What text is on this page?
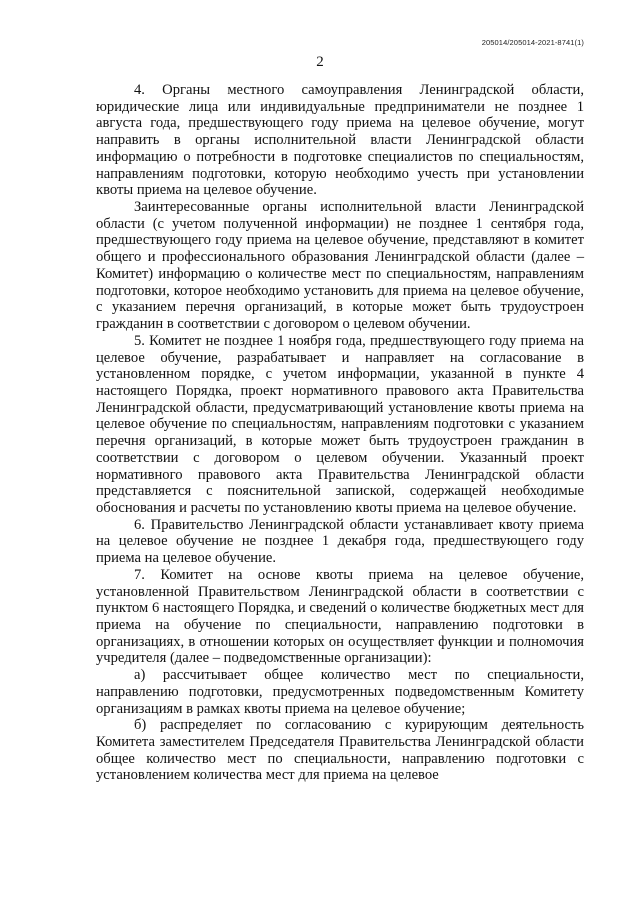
205014/205014-2021-8741(1)
2

4. Органы местного самоуправления Ленинградской области, юридические лица или индивидуальные предприниматели не позднее 1 августа года, предшествующего году приема на целевое обучение, могут направить в органы исполнительной власти Ленинградской области информацию о потребности в подготовке специалистов по специальностям, направлениям подготовки, которую необходимо учесть при установлении квоты приема на целевое обучение.

Заинтересованные органы исполнительной власти Ленинградской области (с учетом полученной информации) не позднее 1 сентября года, предшествующего году приема на целевое обучение, представляют в комитет общего и профессионального образования Ленинградской области (далее – Комитет) информацию о количестве мест по специальностям, направлениям подготовки, которое необходимо установить для приема на целевое обучение, с указанием перечня организаций, в которые может быть трудоустроен гражданин в соответствии с договором о целевом обучении.

5. Комитет не позднее 1 ноября года, предшествующего году приема на целевое обучение, разрабатывает и направляет на согласование в установленном порядке, с учетом информации, указанной в пункте 4 настоящего Порядка, проект нормативного правового акта Правительства Ленинградской области, предусматривающий установление квоты приема на целевое обучение по специальностям, направлениям подготовки с указанием перечня организаций, в которые может быть трудоустроен гражданин в соответствии с договором о целевом обучении. Указанный проект нормативного правового акта Правительства Ленинградской области представляется с пояснительной запиской, содержащей необходимые обоснования и расчеты по установлению квоты приема на целевое обучение.

6. Правительство Ленинградской области устанавливает квоту приема на целевое обучение не позднее 1 декабря года, предшествующего году приема на целевое обучение.

7. Комитет на основе квоты приема на целевое обучение, установленной Правительством Ленинградской области в соответствии с пунктом 6 настоящего Порядка, и сведений о количестве бюджетных мест для приема на обучение по специальности, направлению подготовки в организациях, в отношении которых он осуществляет функции и полномочия учредителя (далее – подведомственные организации):

а) рассчитывает общее количество мест по специальности, направлению подготовки, предусмотренных подведомственным Комитету организациям в рамках квоты приема на целевое обучение;

б) распределяет по согласованию с курирующим деятельность Комитета заместителем Председателя Правительства Ленинградской области общее количество мест по специальности, направлению подготовки с установлением количества мест для приема на целевое
